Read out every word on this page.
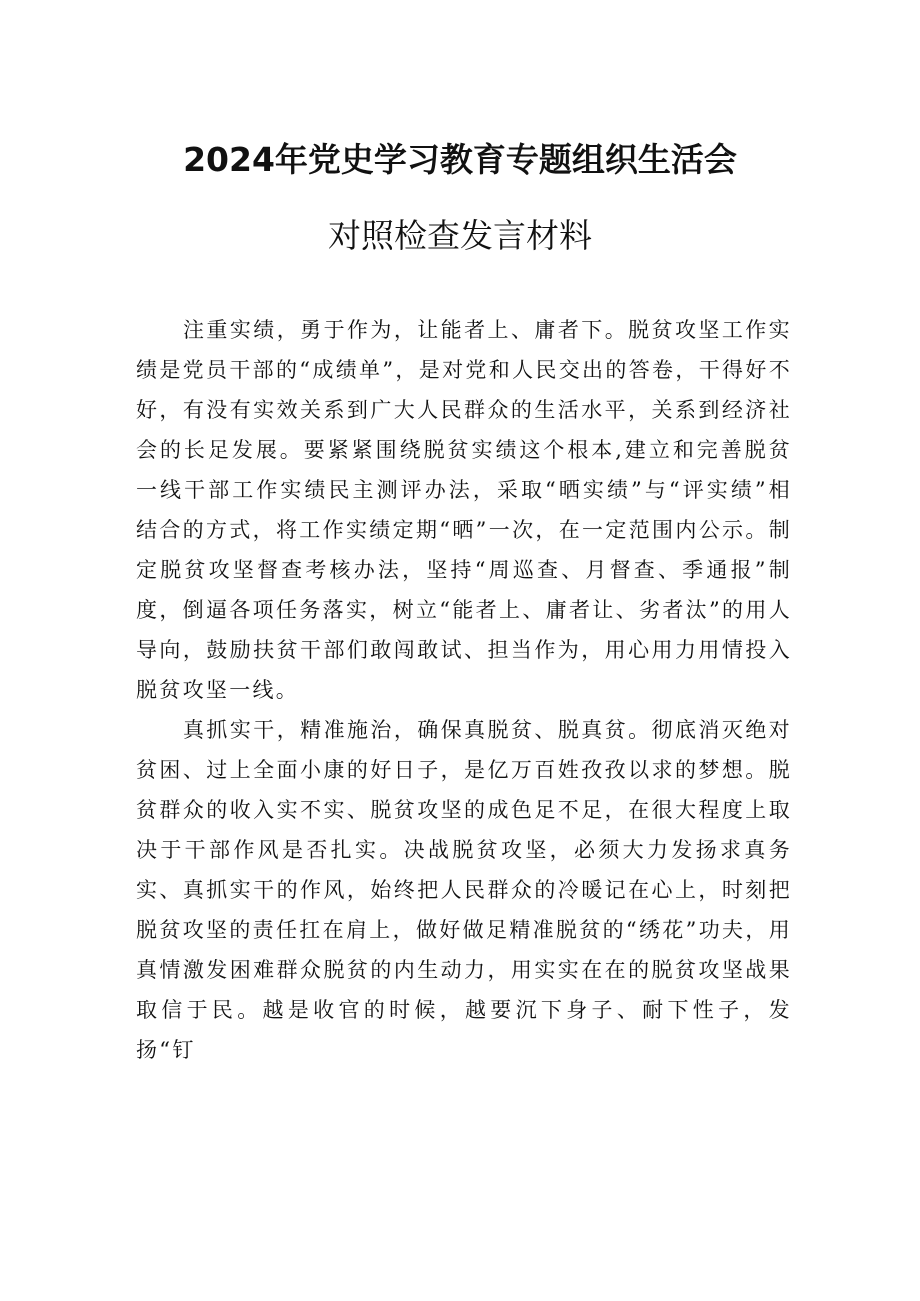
2024年党史学习教育专题组织生活会
对照检查发言材料

注重实绩，勇于作为，让能者上、庸者下。脱贫攻坚工作实绩是党员干部的“成绩单”，是对党和人民交出的答卷，干得好不好，有没有实效关系到广大人民群众的生活水平，关系到经济社会的长足发展。要紧紧围绕脱贫实绩这个根本,建立和完善脱贫一线干部工作实绩民主测评办法，采取“晒实绩”与“评实绩”相结合的方式，将工作实绩定期“晒”一次，在一定范围内公示。制定脱贫攻坚督查考核办法，坚持“周巡查、月督查、季通报”制度，倒逼各项任务落实，树立“能者上、庸者让、劣者汰”的用人导向，鼓励扶贫干部们敢闯敢试、担当作为，用心用力用情投入脱贫攻坚一线。

真抓实干，精准施治，确保真脱贫、脱真贫。彻底消灭绝对贫困、过上全面小康的好日子，是亿万百姓孜孜以求的梦想。脱贫群众的收入实不实、脱贫攻坚的成色足不足，在很大程度上取决于干部作风是否扎实。决战脱贫攻坚，必须大力发扬求真务实、真抓实干的作风，始终把人民群众的冷暖记在心上，时刻把脱贫攻坚的责任扛在肩上，做好做足精准脱贫的“绣花”功夫，用真情激发困难群众脱贫的内生动力，用实实在在的脱贫攻坚战果取信于民。越是收官的时候，越要沉下身子、耐下性子，发扬“钉
